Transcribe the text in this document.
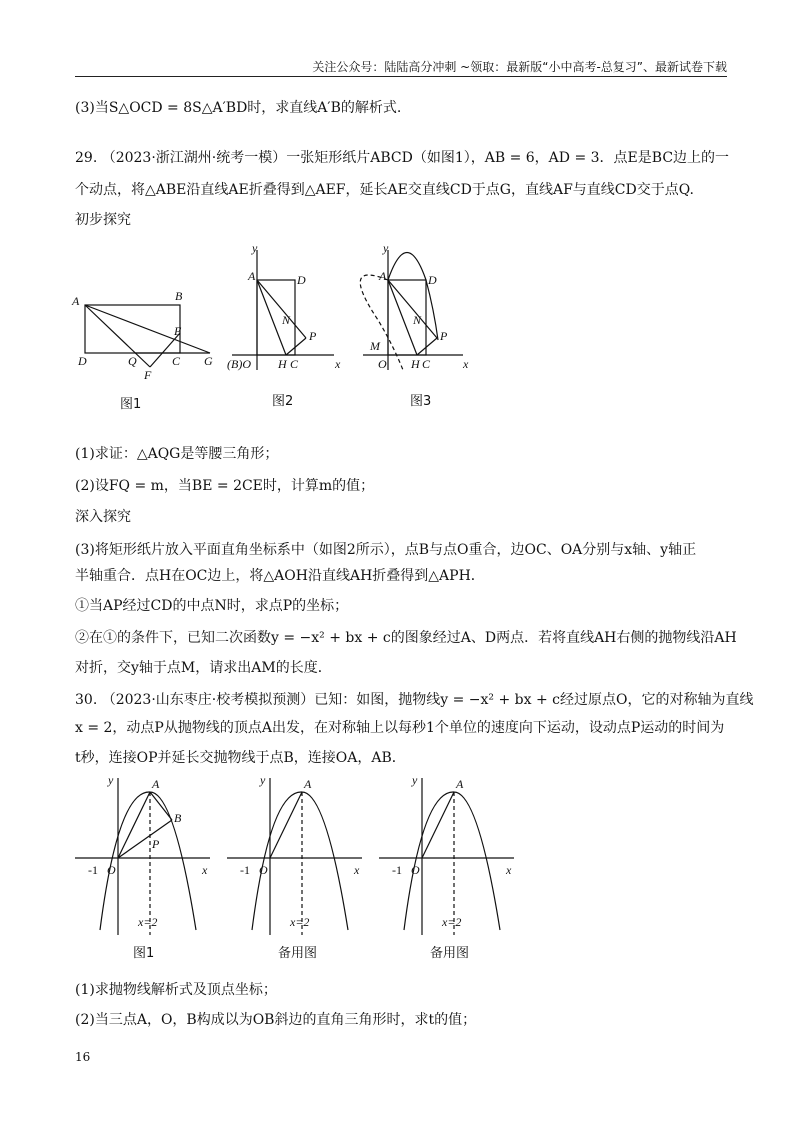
关注公众号：陆陆高分冲刺 ~领取：最新版“小中高考-总复习”、最新试卷下载
(3)当S△OCD = 8S△A′BD时，求直线A′B的解析式.
29. （2023·浙江湖州·统考一模）一张矩形纸片ABCD（如图1），AB = 6，AD = 3．点E是BC边上的一
个动点，将△ABE沿直线AE折叠得到△AEF，延长AE交直线CD于点G，直线AF与直线CD交于点Q.
初步探究
A	B
E
D	Q	C
F
G
图1
y
A	D
N
P
(B)O H C	x
图2
y
A	D
N
P
M
O H C	x
图3
(1)求证：△AQG是等腰三角形；
(2)设FQ = m，当BE = 2CE时，计算m的值；
深入探究
(3)将矩形纸片放入平面直角坐标系中（如图2所示），点B与点O重合，边OC、OA分别与x轴、y轴正
半轴重合．点H在OC边上，将△AOH沿直线AH折叠得到△APH．
①当AP经过CD的中点N时，求点P的坐标；
②在①的条件下，已知二次函数y = −x² + bx + c的图象经过A、D两点．若将直线AH右侧的抛物线沿AH
对折，交y轴于点M，请求出AM的长度．
30. （2023·山东枣庄·校考模拟预测）已知：如图，抛物线y = −x² + bx + c经过原点O，它的对称轴为直线
x = 2，动点P从抛物线的顶点A出发，在对称轴上以每秒1个单位的速度向下运动，设动点P运动的时间为
t秒，连接OP并延长交抛物线于点B，连接OA，AB．
y	A
B
P
-1 O	x
x=2
图1
y	A
-1 O	x
x=2
备用图
y	A
-1 O	x
x=2
备用图
(1)求抛物线解析式及顶点坐标；
(2)当三点A，O，B构成以为OB斜边的直角三角形时，求t的值；
16
